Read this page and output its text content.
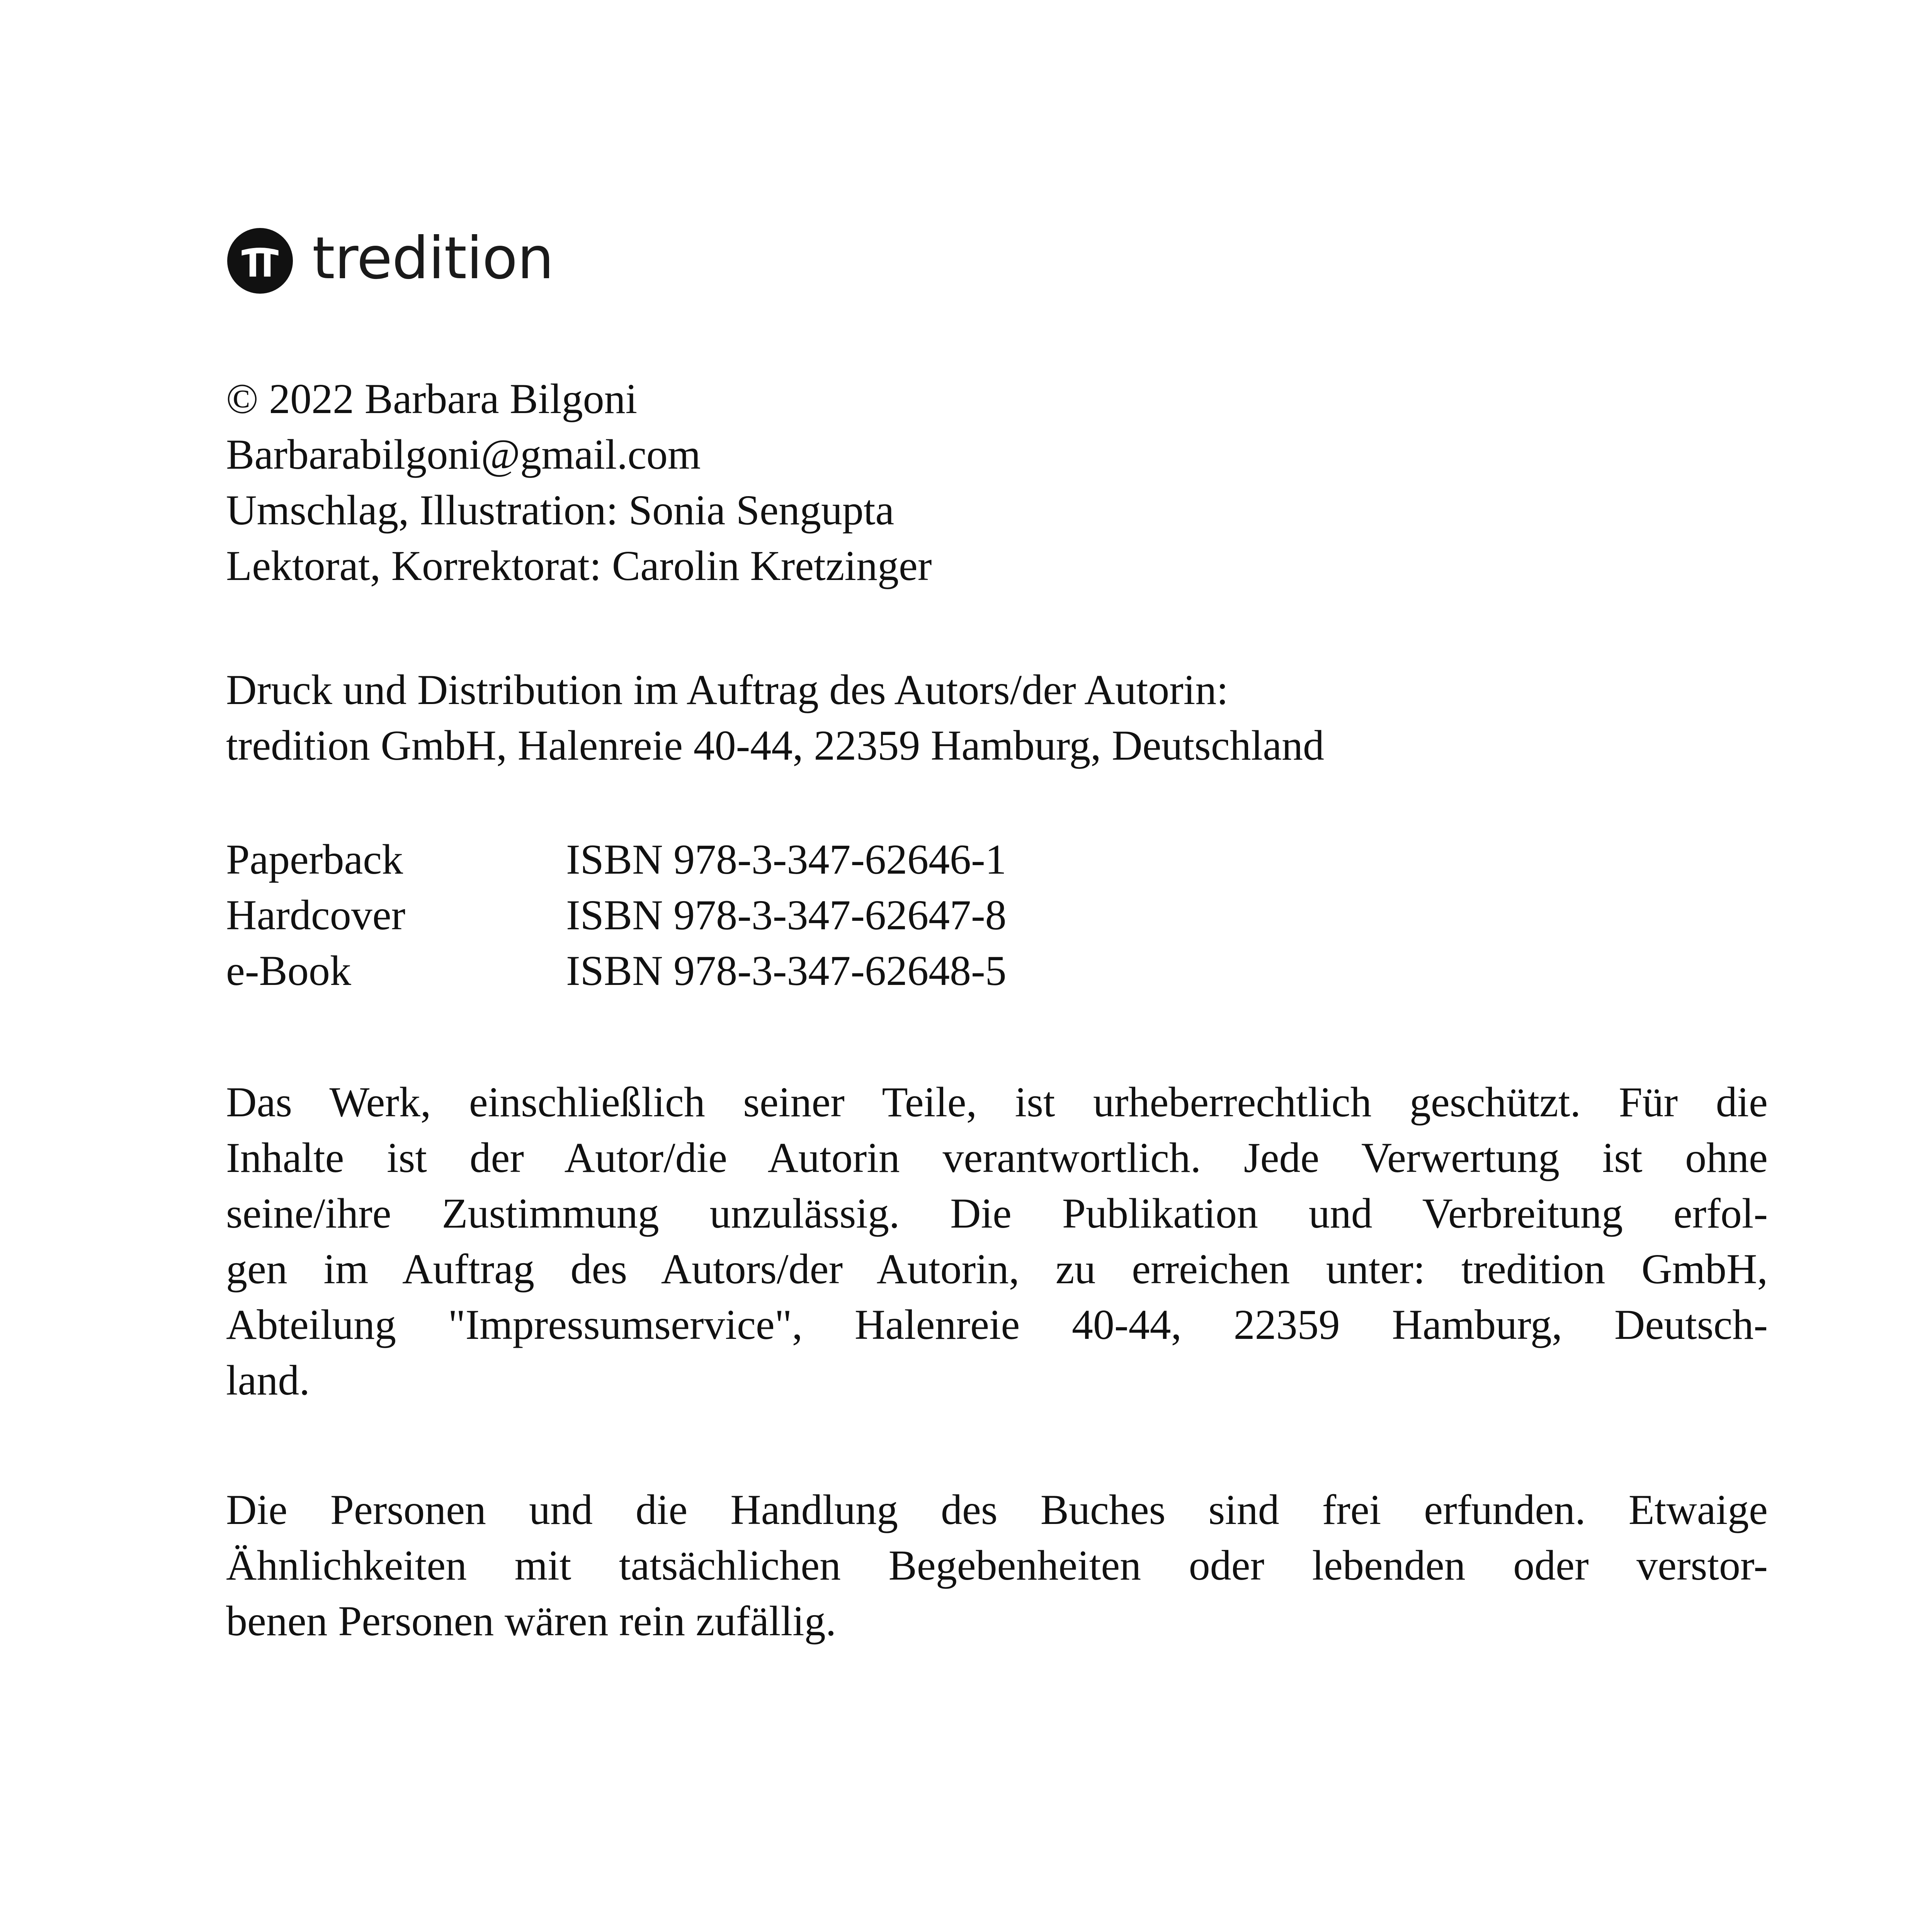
tredition
© 2022 Barbara Bilgoni
Barbarabilgoni@gmail.com
Umschlag, Illustration: Sonia Sengupta
Lektorat, Korrektorat: Carolin Kretzinger
Druck und Distribution im Auftrag des Autors/der Autorin:
tredition GmbH, Halenreie 40-44, 22359 Hamburg, Deutschland
Paperback	ISBN 978-3-347-62646-1
Hardcover	ISBN 978-3-347-62647-8
e-Book	ISBN 978-3-347-62648-5
Das Werk, einschließlich seiner Teile, ist urheberrechtlich geschützt. Für die
Inhalte ist der Autor/die Autorin verantwortlich. Jede Verwertung ist ohne
seine/ihre Zustimmung unzulässig. Die Publikation und Verbreitung erfol-
gen im Auftrag des Autors/der Autorin, zu erreichen unter: tredition GmbH,
Abteilung "Impressumservice", Halenreie 40-44, 22359 Hamburg, Deutsch-
land.
Die Personen und die Handlung des Buches sind frei erfunden. Etwaige
Ähnlichkeiten mit tatsächlichen Begebenheiten oder lebenden oder verstor-
benen Personen wären rein zufällig.
